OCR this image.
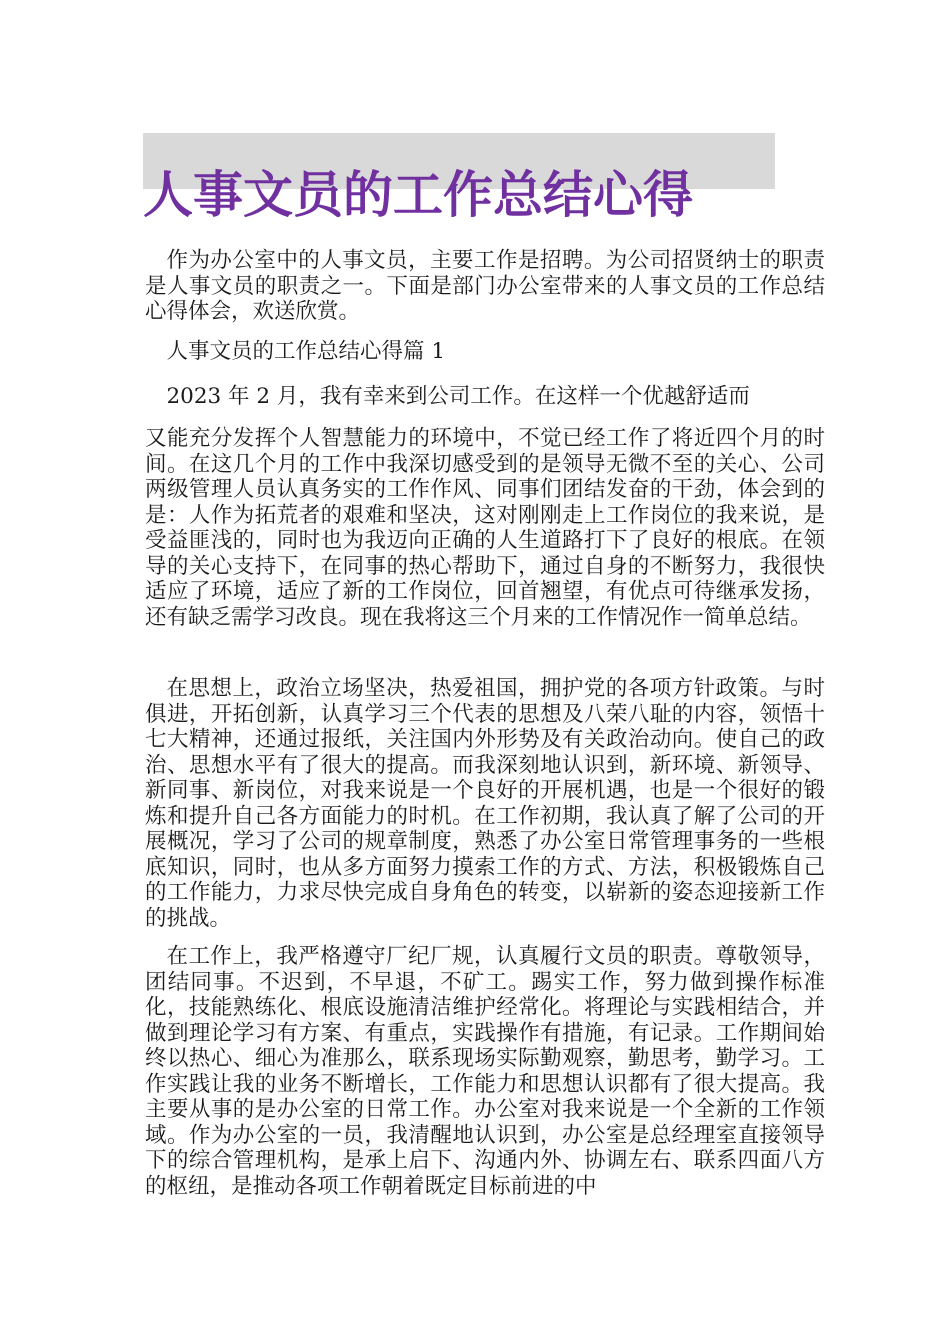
人事文员的工作总结心得

作为办公室中的人事文员，主要工作是招聘。为公司招贤纳士的职责是人事文员的职责之一。下面是部门办公室带来的人事文员的工作总结心得体会，欢送欣赏。

人事文员的工作总结心得篇 1

2023 年 2 月，我有幸来到公司工作。在这样一个优越舒适而

又能充分发挥个人智慧能力的环境中，不觉已经工作了将近四个月的时间。在这几个月的工作中我深切感受到的是领导无微不至的关心、公司两级管理人员认真务实的工作作风、同事们团结发奋的干劲，体会到的是：人作为拓荒者的艰难和坚决，这对刚刚走上工作岗位的我来说，是受益匪浅的，同时也为我迈向正确的人生道路打下了良好的根底。在领导的关心支持下，在同事的热心帮助下，通过自身的不断努力，我很快适应了环境，适应了新的工作岗位，回首翘望，有优点可待继承发扬，还有缺乏需学习改良。现在我将这三个月来的工作情况作一简单总结。

在思想上，政治立场坚决，热爱祖国，拥护党的各项方针政策。与时俱进，开拓创新，认真学习三个代表的思想及八荣八耻的内容，领悟十七大精神，还通过报纸，关注国内外形势及有关政治动向。使自己的政治、思想水平有了很大的提高。而我深刻地认识到，新环境、新领导、新同事、新岗位，对我来说是一个良好的开展机遇，也是一个很好的锻炼和提升自己各方面能力的时机。在工作初期，我认真了解了公司的开展概况，学习了公司的规章制度，熟悉了办公室日常管理事务的一些根底知识，同时，也从多方面努力摸索工作的方式、方法，积极锻炼自己的工作能力，力求尽快完成自身角色的转变，以崭新的姿态迎接新工作的挑战。

在工作上，我严格遵守厂纪厂规，认真履行文员的职责。尊敬领导，团结同事。不迟到，不早退，不矿工。踢实工作，努力做到操作标准化，技能熟练化、根底设施清洁维护经常化。将理论与实践相结合，并做到理论学习有方案、有重点，实践操作有措施，有记录。工作期间始终以热心、细心为准那么，联系现场实际勤观察，勤思考，勤学习。工作实践让我的业务不断增长，工作能力和思想认识都有了很大提高。我主要从事的是办公室的日常工作。办公室对我来说是一个全新的工作领域。作为办公室的一员，我清醒地认识到，办公室是总经理室直接领导下的综合管理机构，是承上启下、沟通内外、协调左右、联系四面八方的枢纽，是推动各项工作朝着既定目标前进的中
